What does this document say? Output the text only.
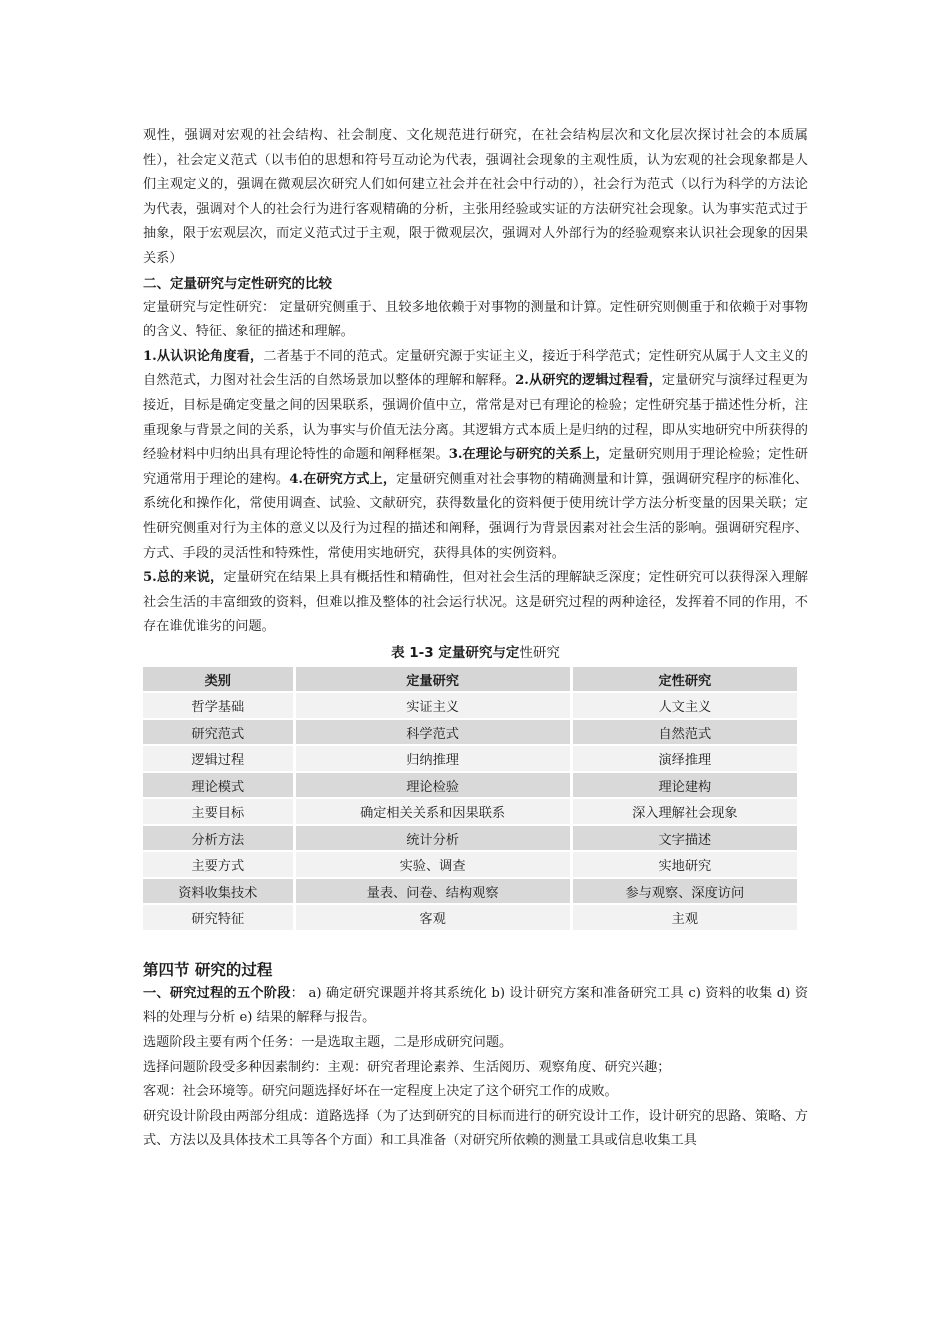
观性，强调对宏观的社会结构、社会制度、文化规范进行研究，在社会结构层次和文化层次探讨社会的本质属性），社会定义范式（以韦伯的思想和符号互动论为代表，强调社会现象的主观性质，认为宏观的社会现象都是人们主观定义的，强调在微观层次研究人们如何建立社会并在社会中行动的），社会行为范式（以行为科学的方法论为代表，强调对个人的社会行为进行客观精确的分析，主张用经验或实证的方法研究社会现象。认为事实范式过于抽象，限于宏观层次，而定义范式过于主观，限于微观层次，强调对人外部行为的经验观察来认识社会现象的因果关系）

二、定量研究与定性研究的比较

定量研究与定性研究： 定量研究侧重于、且较多地依赖于对事物的测量和计算。定性研究则侧重于和依赖于对事物的含义、特征、象征的描述和理解。

1.从认识论角度看，二者基于不同的范式。定量研究源于实证主义，接近于科学范式；定性研究从属于人文主义的自然范式，力图对社会生活的自然场景加以整体的理解和解释。2.从研究的逻辑过程看，定量研究与演绎过程更为接近，目标是确定变量之间的因果联系，强调价值中立，常常是对已有理论的检验；定性研究基于描述性分析，注重现象与背景之间的关系，认为事实与价值无法分离。其逻辑方式本质上是归纳的过程，即从实地研究中所获得的经验材料中归纳出具有理论特性的命题和阐释框架。3.在理论与研究的关系上，定量研究则用于理论检验；定性研究通常用于理论的建构。4.在研究方式上，定量研究侧重对社会事物的精确测量和计算，强调研究程序的标准化、系统化和操作化，常使用调查、试验、文献研究，获得数量化的资料便于使用统计学方法分析变量的因果关联；定性研究侧重对行为主体的意义以及行为过程的描述和阐释，强调行为背景因素对社会生活的影响。强调研究程序、方式、手段的灵活性和特殊性，常使用实地研究，获得具体的实例资料。

5.总的来说，定量研究在结果上具有概括性和精确性，但对社会生活的理解缺乏深度；定性研究可以获得深入理解社会生活的丰富细致的资料，但难以推及整体的社会运行状况。这是研究过程的两种途径，发挥着不同的作用，不存在谁优谁劣的问题。

表 1-3 定量研究与定性研究
类别	定量研究	定性研究
哲学基础	实证主义	人文主义
研究范式	科学范式	自然范式
逻辑过程	归纳推理	演绎推理
理论模式	理论检验	理论建构
主要目标	确定相关关系和因果联系	深入理解社会现象
分析方法	统计分析	文字描述
主要方式	实验、调查	实地研究
资料收集技术	量表、问卷、结构观察	参与观察、深度访问
研究特征	客观	主观
第四节 研究的过程

一、研究过程的五个阶段： a) 确定研究课题并将其系统化 b) 设计研究方案和准备研究工具 c) 资料的收集 d) 资料的处理与分析 e) 结果的解释与报告。

选题阶段主要有两个任务：一是选取主题，二是形成研究问题。

选择问题阶段受多种因素制约：主观：研究者理论素养、生活阅历、观察角度、研究兴趣；

客观：社会环境等。研究问题选择好坏在一定程度上决定了这个研究工作的成败。

研究设计阶段由两部分组成：道路选择（为了达到研究的目标而进行的研究设计工作，设计研究的思路、策略、方式、方法以及具体技术工具等各个方面）和工具准备（对研究所依赖的测量工具或信息收集工具
